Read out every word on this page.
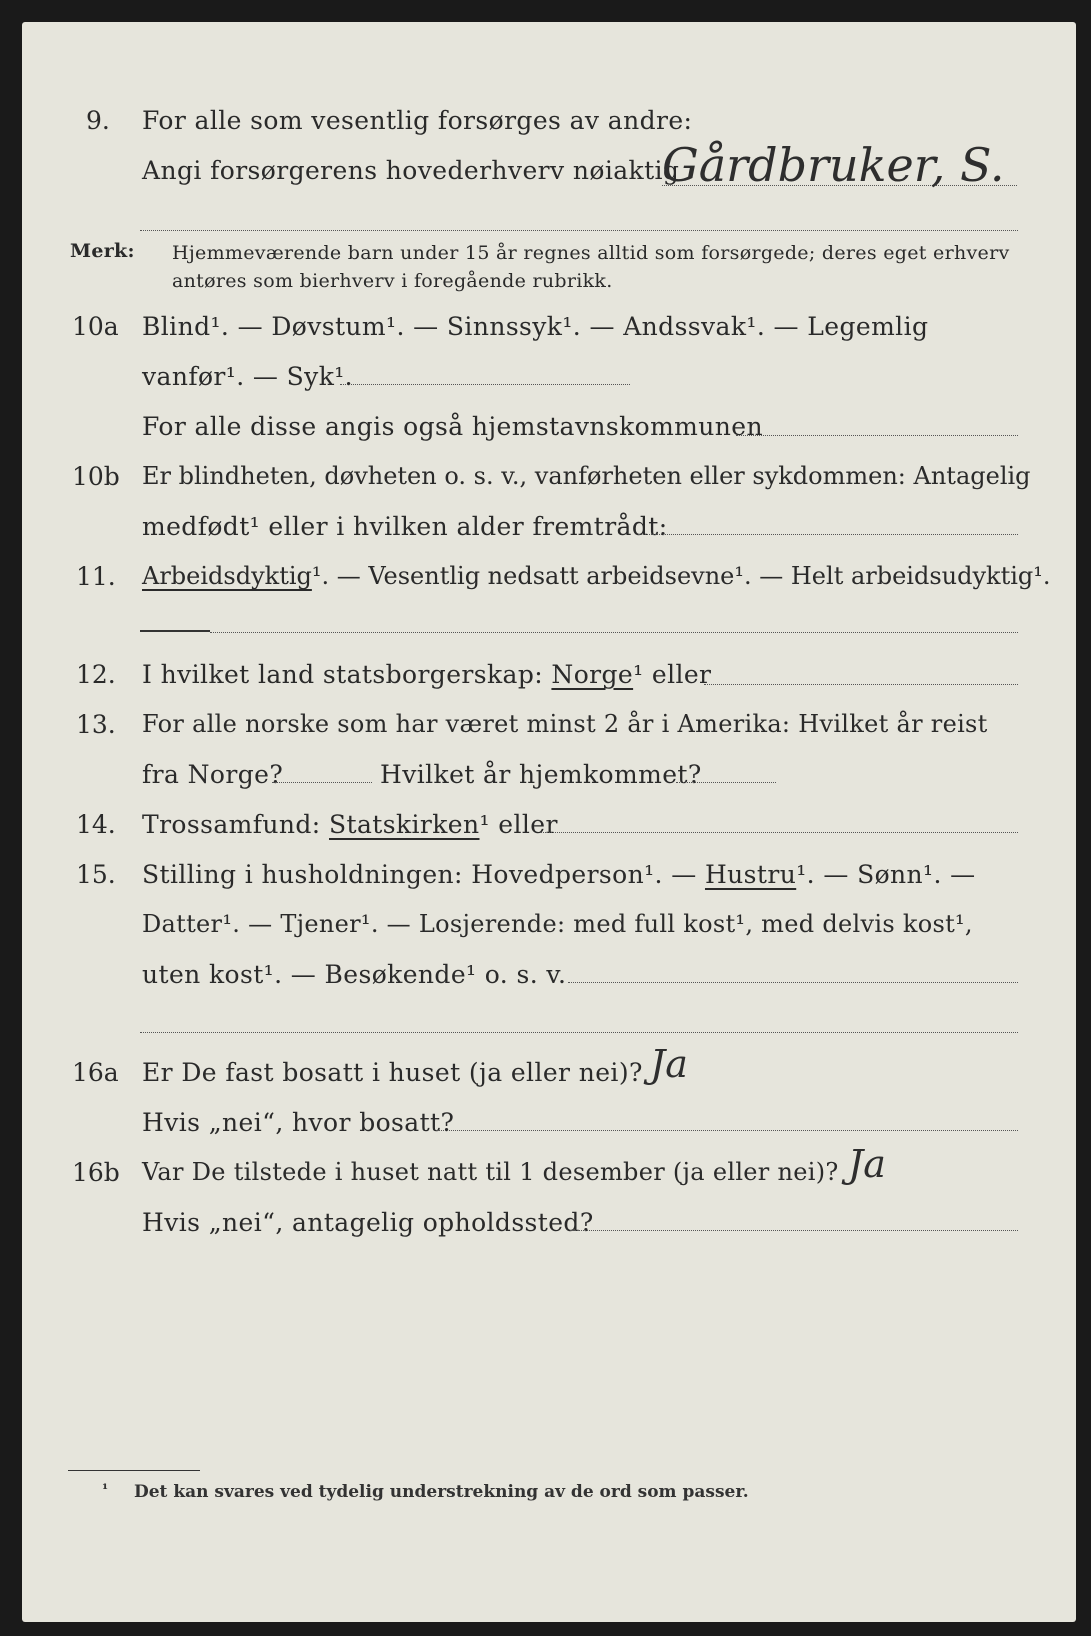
9. For alle som vesentlig forsørges av andre:
Angi forsørgerens hovederhverv nøiaktig
Gårdbruker, S.
Merk: Hjemmeværende barn under 15 år regnes alltid som forsørgede; deres eget erhverv
antøres som bierhverv i foregående rubrikk.
10a Blind¹. — Døvstum¹. — Sinnssyk¹. — Andssvak¹. — Legemlig
vanfør¹. — Syk¹.
For alle disse angis også hjemstavnskommunen
10b Er blindheten, døvheten o. s. v., vanførheten eller sykdommen: Antagelig
medfødt¹ eller i hvilken alder fremtrådt:
11. Arbeidsdyktig¹. — Vesentlig nedsatt arbeidsevne¹. — Helt arbeidsudyktig¹.
12. I hvilket land statsborgerskap: Norge¹ eller
13. For alle norske som har været minst 2 år i Amerika: Hvilket år reist
fra Norge?	Hvilket år hjemkommet?
14. Trossamfund: Statskirken¹ eller
15. Stilling i husholdningen: Hovedperson¹. — Hustru¹. — Sønn¹. —
Datter¹. — Tjener¹. — Losjerende: med full kost¹, med delvis kost¹,
uten kost¹. — Besøkende¹ o. s. v.
16a Er De fast bosatt i huset (ja eller nei)? Ja
Hvis „nei“, hvor bosatt?
16b Var De tilstede i huset natt til 1 desember (ja eller nei)? Ja
Hvis „nei“, antagelig opholdssted?
¹ Det kan svares ved tydelig understrekning av de ord som passer.
